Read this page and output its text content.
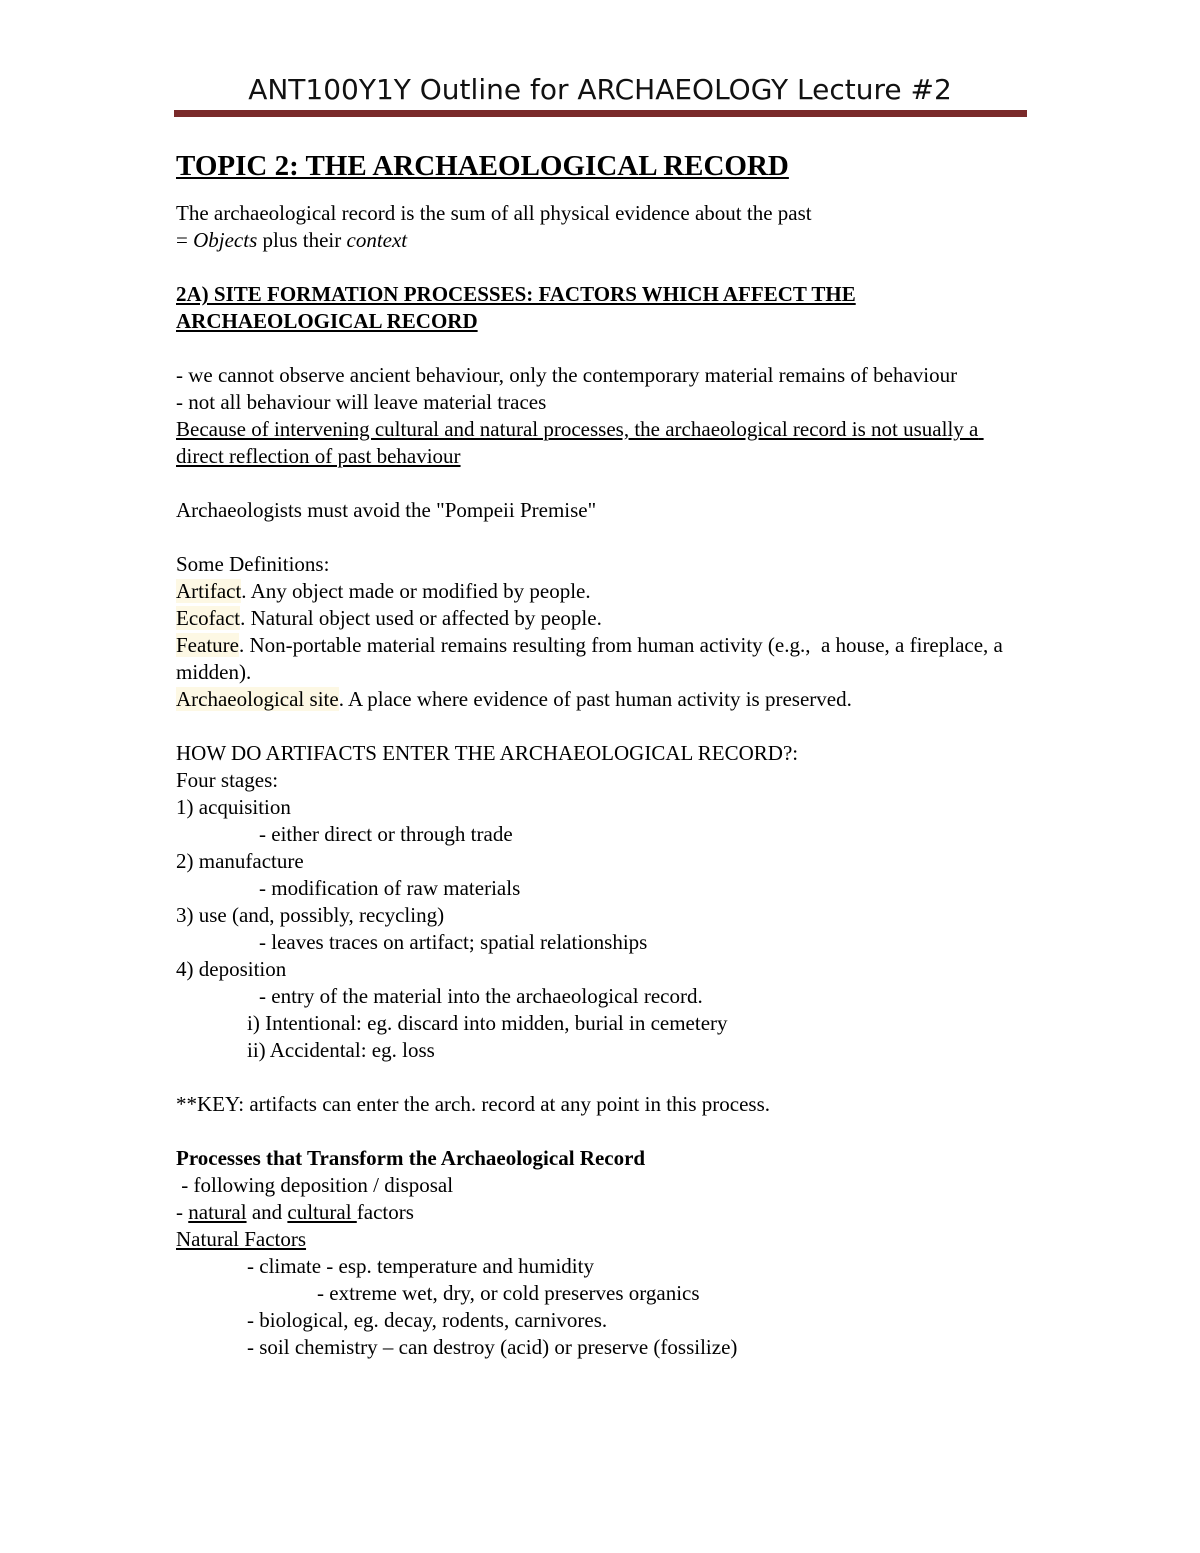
ANT100Y1Y Outline for ARCHAEOLOGY Lecture #2
TOPIC 2: THE ARCHAEOLOGICAL RECORD

The archaeological record is the sum of all physical evidence about the past

= Objects plus their context

2A) SITE FORMATION PROCESSES: FACTORS WHICH AFFECT THE ARCHAEOLOGICAL RECORD

- we cannot observe ancient behaviour, only the contemporary material remains of behaviour

- not all behaviour will leave material traces

Because of intervening cultural and natural processes, the archaeological record is not usually a direct reflection of past behaviour

Archaeologists must avoid the "Pompeii Premise"

Some Definitions:

Artifact. Any object made or modified by people.

Ecofact. Natural object used or affected by people.

Feature. Non-portable material remains resulting from human activity (e.g.,  a house, a fireplace, a midden).

Archaeological site. A place where evidence of past human activity is preserved.

HOW DO ARTIFACTS ENTER THE ARCHAEOLOGICAL RECORD?:

Four stages:

1) acquisition

- either direct or through trade

2) manufacture

- modification of raw materials

3) use (and, possibly, recycling)

- leaves traces on artifact; spatial relationships

4) deposition

- entry of the material into the archaeological record.

i) Intentional: eg. discard into midden, burial in cemetery

ii) Accidental: eg. loss

**KEY: artifacts can enter the arch. record at any point in this process.

Processes that Transform the Archaeological Record

- following deposition / disposal

- natural and cultural factors

Natural Factors

- climate - esp. temperature and humidity

- extreme wet, dry, or cold preserves organics

- biological, eg. decay, rodents, carnivores.

- soil chemistry – can destroy (acid) or preserve (fossilize)
